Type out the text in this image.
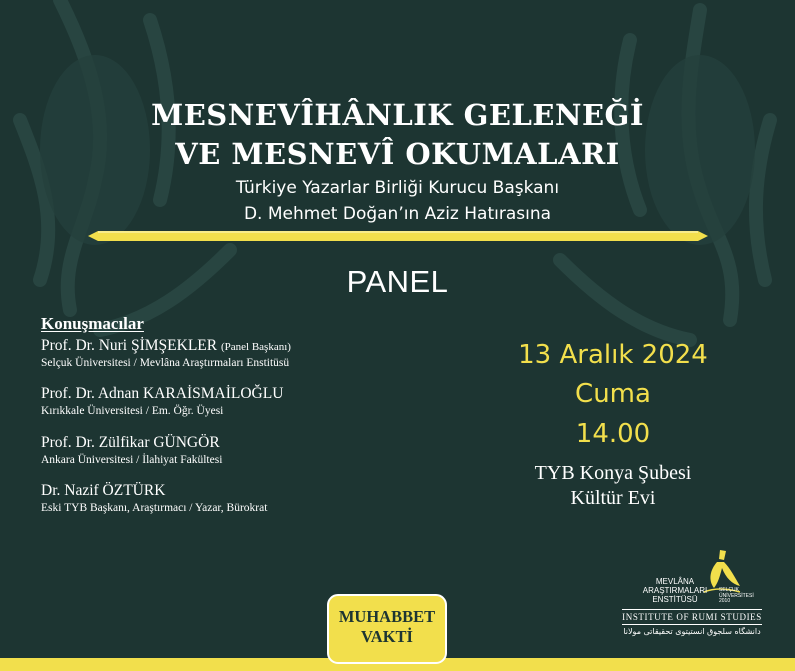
MESNEVÎHÂNLIK GELENEĞİ
VE MESNEVÎ OKUMALARI
Türkiye Yazarlar Birliği Kurucu Başkanı
D. Mehmet Doğan’ın Aziz Hatırasına
PANEL
Konuşmacılar
Prof. Dr. Nuri ŞİMŞEKLER (Panel Başkanı)
Selçuk Üniversitesi / Mevlâna Araştırmaları Enstitüsü
Prof. Dr. Adnan KARAİSMAİLOĞLU
Kırıkkale Üniversitesi / Em. Öğr. Üyesi
Prof. Dr. Zülfikar GÜNGÖR
Ankara Üniversitesi / İlahiyat Fakültesi
Dr. Nazif ÖZTÜRK
Eski TYB Başkanı, Araştırmacı / Yazar, Bürokrat
13 Aralık 2024
Cuma
14.00
TYB Konya Şubesi
Kültür Evi
MUHABBET
VAKTİ
MEVLÂNA
ARAŞTIRMALARI
ENSTİTÜSÜ
SELÇUK
ÜNİVERSİTESİ
2010
INSTITUTE OF RUMI STUDIES
دانشگاه سلجوق انستیتوی تحقیقاتی مولانا
